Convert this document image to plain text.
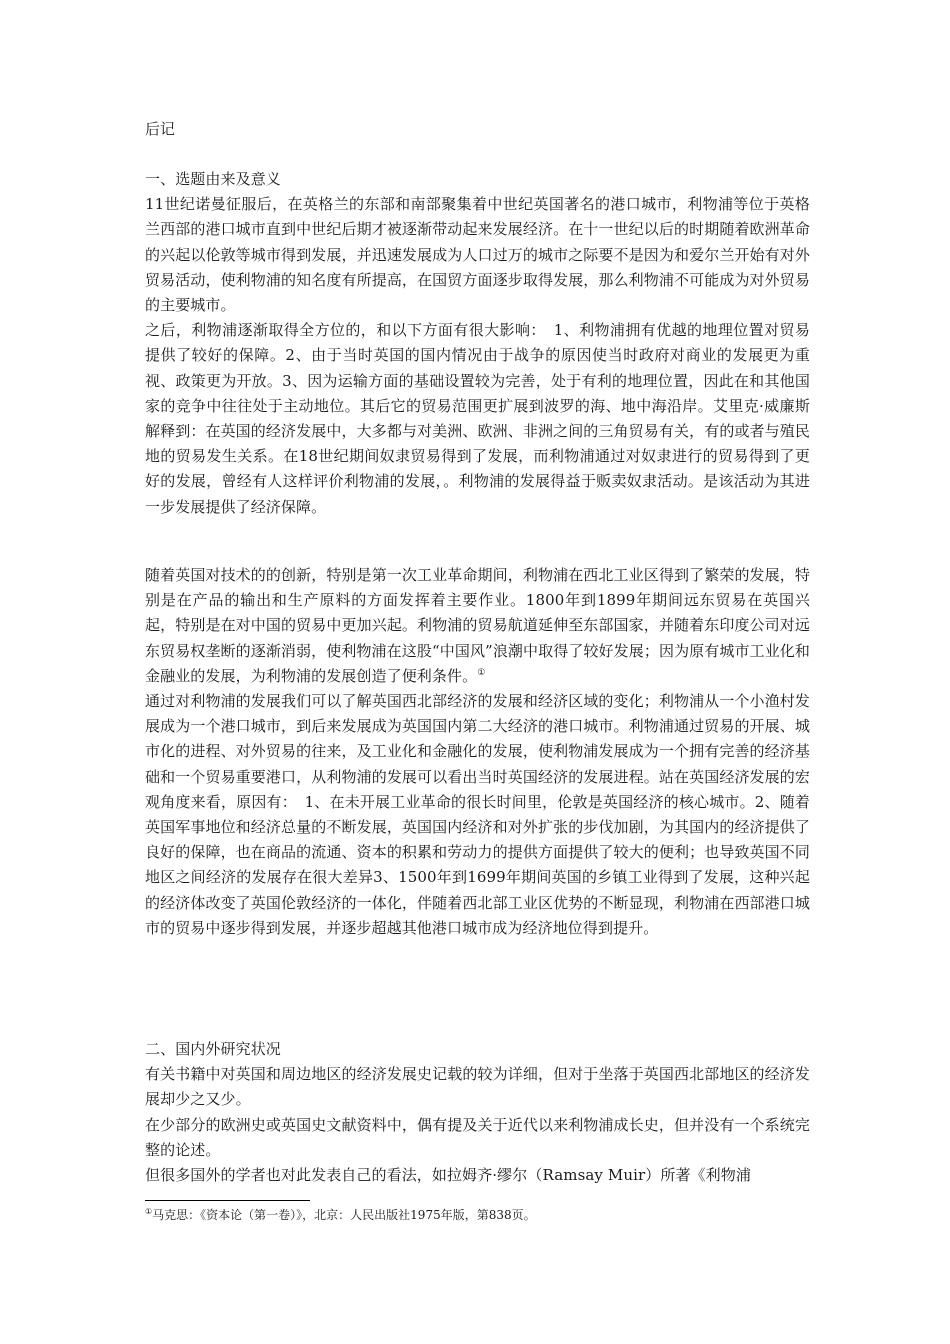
后记

一、选题由来及意义

11世纪诺曼征服后，在英格兰的东部和南部聚集着中世纪英国著名的港口城市，利物浦等位于英格兰西部的港口城市直到中世纪后期才被逐渐带动起来发展经济。在十一世纪以后的时期随着欧洲革命的兴起以伦敦等城市得到发展，并迅速发展成为人口过万的城市之际要不是因为和爱尔兰开始有对外贸易活动，使利物浦的知名度有所提高，在国贸方面逐步取得发展，那么利物浦不可能成为对外贸易的主要城市。

之后，利物浦逐渐取得全方位的，和以下方面有很大影响：　1、利物浦拥有优越的地理位置对贸易提供了较好的保障。2、由于当时英国的国内情况由于战争的原因使当时政府对商业的发展更为重视、政策更为开放。3、因为运输方面的基础设置较为完善，处于有利的地理位置，因此在和其他国家的竞争中往往处于主动地位。其后它的贸易范围更扩展到波罗的海、地中海沿岸。艾里克·威廉斯解释到：在英国的经济发展中，大多都与对美洲、欧洲、非洲之间的三角贸易有关，有的或者与殖民地的贸易发生关系。在18世纪期间奴隶贸易得到了发展，而利物浦通过对奴隶进行的贸易得到了更好的发展，曾经有人这样评价利物浦的发展，。利物浦的发展得益于贩卖奴隶活动。是该活动为其进一步发展提供了经济保障。

随着英国对技术的的创新，特别是第一次工业革命期间，利物浦在西北工业区得到了繁荣的发展，特别是在产品的输出和生产原料的方面发挥着主要作业。1800年到1899年期间远东贸易在英国兴起，特别是在对中国的贸易中更加兴起。利物浦的贸易航道延伸至东部国家，并随着东印度公司对远东贸易权垄断的逐渐消弱，使利物浦在这股“中国风”浪潮中取得了较好发展；因为原有城市工业化和金融业的发展，为利物浦的发展创造了便利条件。①

通过对利物浦的发展我们可以了解英国西北部经济的发展和经济区域的变化；利物浦从一个小渔村发展成为一个港口城市，到后来发展成为英国国内第二大经济的港口城市。利物浦通过贸易的开展、城市化的进程、对外贸易的往来，及工业化和金融化的发展，使利物浦发展成为一个拥有完善的经济基础和一个贸易重要港口，从利物浦的发展可以看出当时英国经济的发展进程。站在英国经济发展的宏观角度来看，原因有：　1、在未开展工业革命的很长时间里，伦敦是英国经济的核心城市。2、随着英国军事地位和经济总量的不断发展，英国国内经济和对外扩张的步伐加剧，为其国内的经济提供了良好的保障，也在商品的流通、资本的积累和劳动力的提供方面提供了较大的便利；也导致英国不同地区之间经济的发展存在很大差异3、1500年到1699年期间英国的乡镇工业得到了发展，这种兴起的经济体改变了英国伦敦经济的一体化，伴随着西北部工业区优势的不断显现，利物浦在西部港口城市的贸易中逐步得到发展，并逐步超越其他港口城市成为经济地位得到提升。

二、国内外研究状况

有关书籍中对英国和周边地区的经济发展史记载的较为详细，但对于坐落于英国西北部地区的经济发展却少之又少。

在少部分的欧洲史或英国史文献资料中，偶有提及关于近代以来利物浦成长史，但并没有一个系统完整的论述。

但很多国外的学者也对此发表自己的看法，如拉姆齐·缪尔（Ramsay Muir）所著《利物浦

①马克思：《资本论（第一卷）》，北京：人民出版社1975年版，第838页。
